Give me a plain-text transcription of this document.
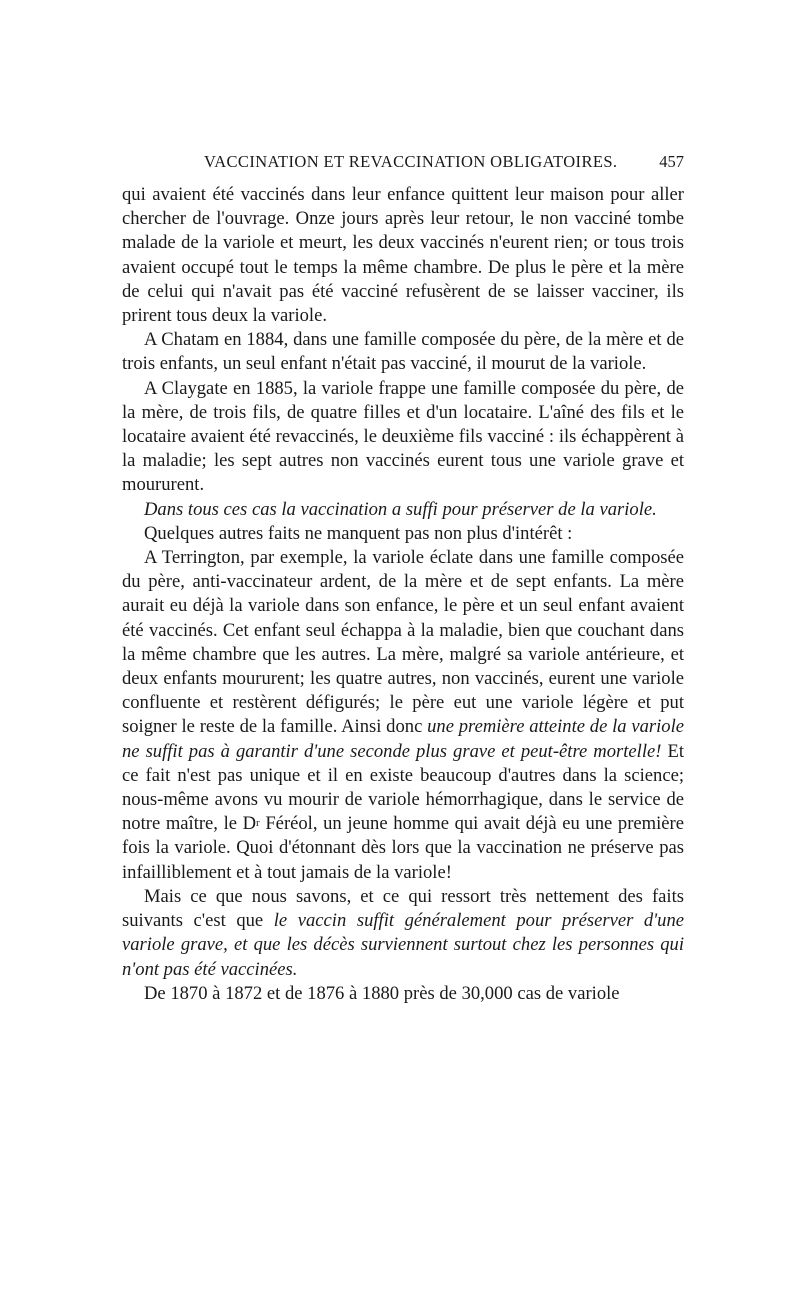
VACCINATION ET REVACCINATION OBLIGATOIRES.	457

qui avaient été vaccinés dans leur enfance quittent leur maison pour aller chercher de l'ouvrage. Onze jours après leur retour, le non vacciné tombe malade de la variole et meurt, les deux vaccinés n'eurent rien; or tous trois avaient occupé tout le temps la même chambre. De plus le père et la mère de celui qui n'avait pas été vacciné refusèrent de se laisser vacciner, ils prirent tous deux la variole.

A Chatam en 1884, dans une famille composée du père, de la mère et de trois enfants, un seul enfant n'était pas vacciné, il mourut de la variole.

A Claygate en 1885, la variole frappe une famille composée du père, de la mère, de trois fils, de quatre filles et d'un locataire. L'aîné des fils et le locataire avaient été revaccinés, le deuxième fils vacciné : ils échappèrent à la maladie; les sept autres non vaccinés eurent tous une variole grave et moururent.

Dans tous ces cas la vaccination a suffi pour préserver de la variole.

Quelques autres faits ne manquent pas non plus d'intérêt :

A Terrington, par exemple, la variole éclate dans une famille composée du père, anti-vaccinateur ardent, de la mère et de sept enfants. La mère aurait eu déjà la variole dans son enfance, le père et un seul enfant avaient été vaccinés. Cet enfant seul échappa à la maladie, bien que couchant dans la même chambre que les autres. La mère, malgré sa variole antérieure, et deux enfants moururent; les quatre autres, non vaccinés, eurent une variole confluente et restèrent défigurés; le père eut une variole légère et put soigner le reste de la famille. Ainsi donc une première atteinte de la variole ne suffit pas à garantir d'une seconde plus grave et peut-être mortelle! Et ce fait n'est pas unique et il en existe beaucoup d'autres dans la science; nous-même avons vu mourir de variole hémorrhagique, dans le service de notre maître, le $D^r$ Féréol, un jeune homme qui avait déjà eu une première fois la variole. Quoi d'étonnant dès lors que la vaccination ne préserve pas infailliblement et à tout jamais de la variole!

Mais ce que nous savons, et ce qui ressort très nettement des faits suivants c'est que le vaccin suffit généralement pour préserver d'une variole grave, et que les décès surviennent surtout chez les personnes qui n'ont pas été vaccinées.

De 1870 à 1872 et de 1876 à 1880 près de 30,000 cas de variole
